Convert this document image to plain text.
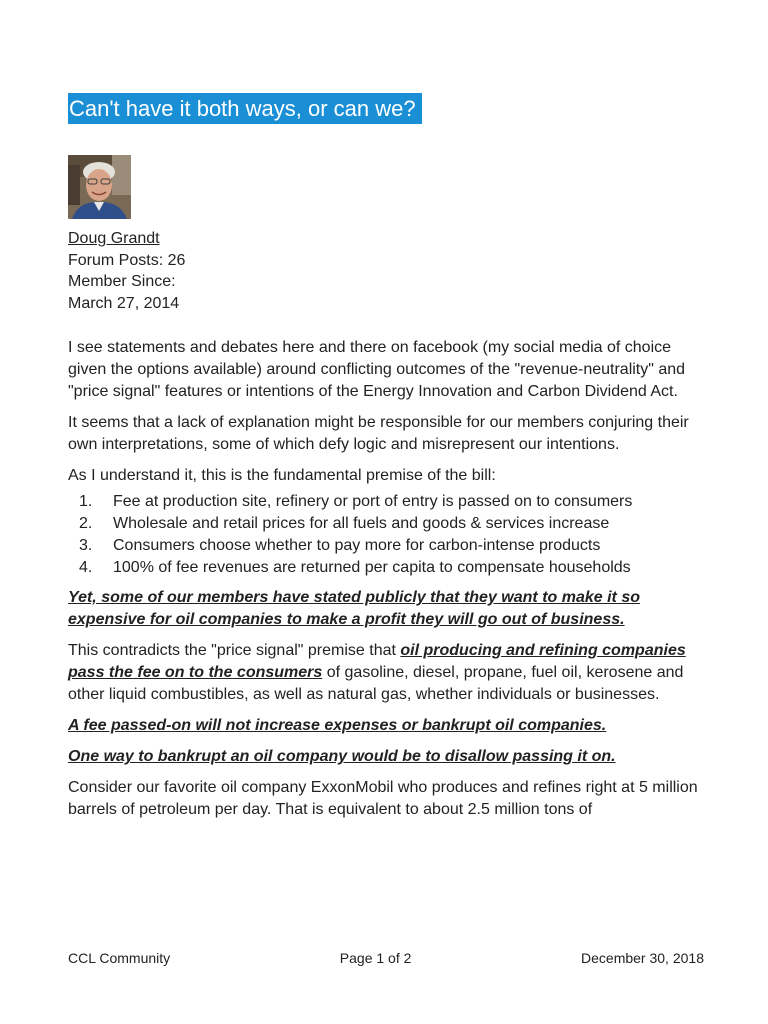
Can't have it both ways, or can we?
Doug Grandt
Forum Posts: 26
Member Since:
March 27, 2014

I see statements and debates here and there on facebook (my social media of choice given the options available) around conflicting outcomes of the "revenue-neutrality" and "price signal" features or intentions of the Energy Innovation and Carbon Dividend Act.

It seems that a lack of explanation might be responsible for our members conjuring their own interpretations, some of which defy logic and misrepresent our intentions.

As I understand it, this is the fundamental premise of the bill:

1.	Fee at production site, refinery or port of entry is passed on to consumers
2.	Wholesale and retail prices for all fuels and goods & services increase
3.	Consumers choose whether to pay more for carbon-intense products
4.	100% of fee revenues are returned per capita to compensate households

Yet, some of our members have stated publicly that they want to make it so expensive for oil companies to make a profit they will go out of business.

This contradicts the "price signal" premise that oil producing and refining companies pass the fee on to the consumers of gasoline, diesel, propane, fuel oil, kerosene and other liquid combustibles, as well as natural gas, whether individuals or businesses.

A fee passed-on will not increase expenses or bankrupt oil companies.

One way to bankrupt an oil company would be to disallow passing it on.

Consider our favorite oil company ExxonMobil who produces and refines right at 5 million barrels of petroleum per day. That is equivalent to about 2.5 million tons of

CCL Community	Page 1 of 2	December 30, 2018
